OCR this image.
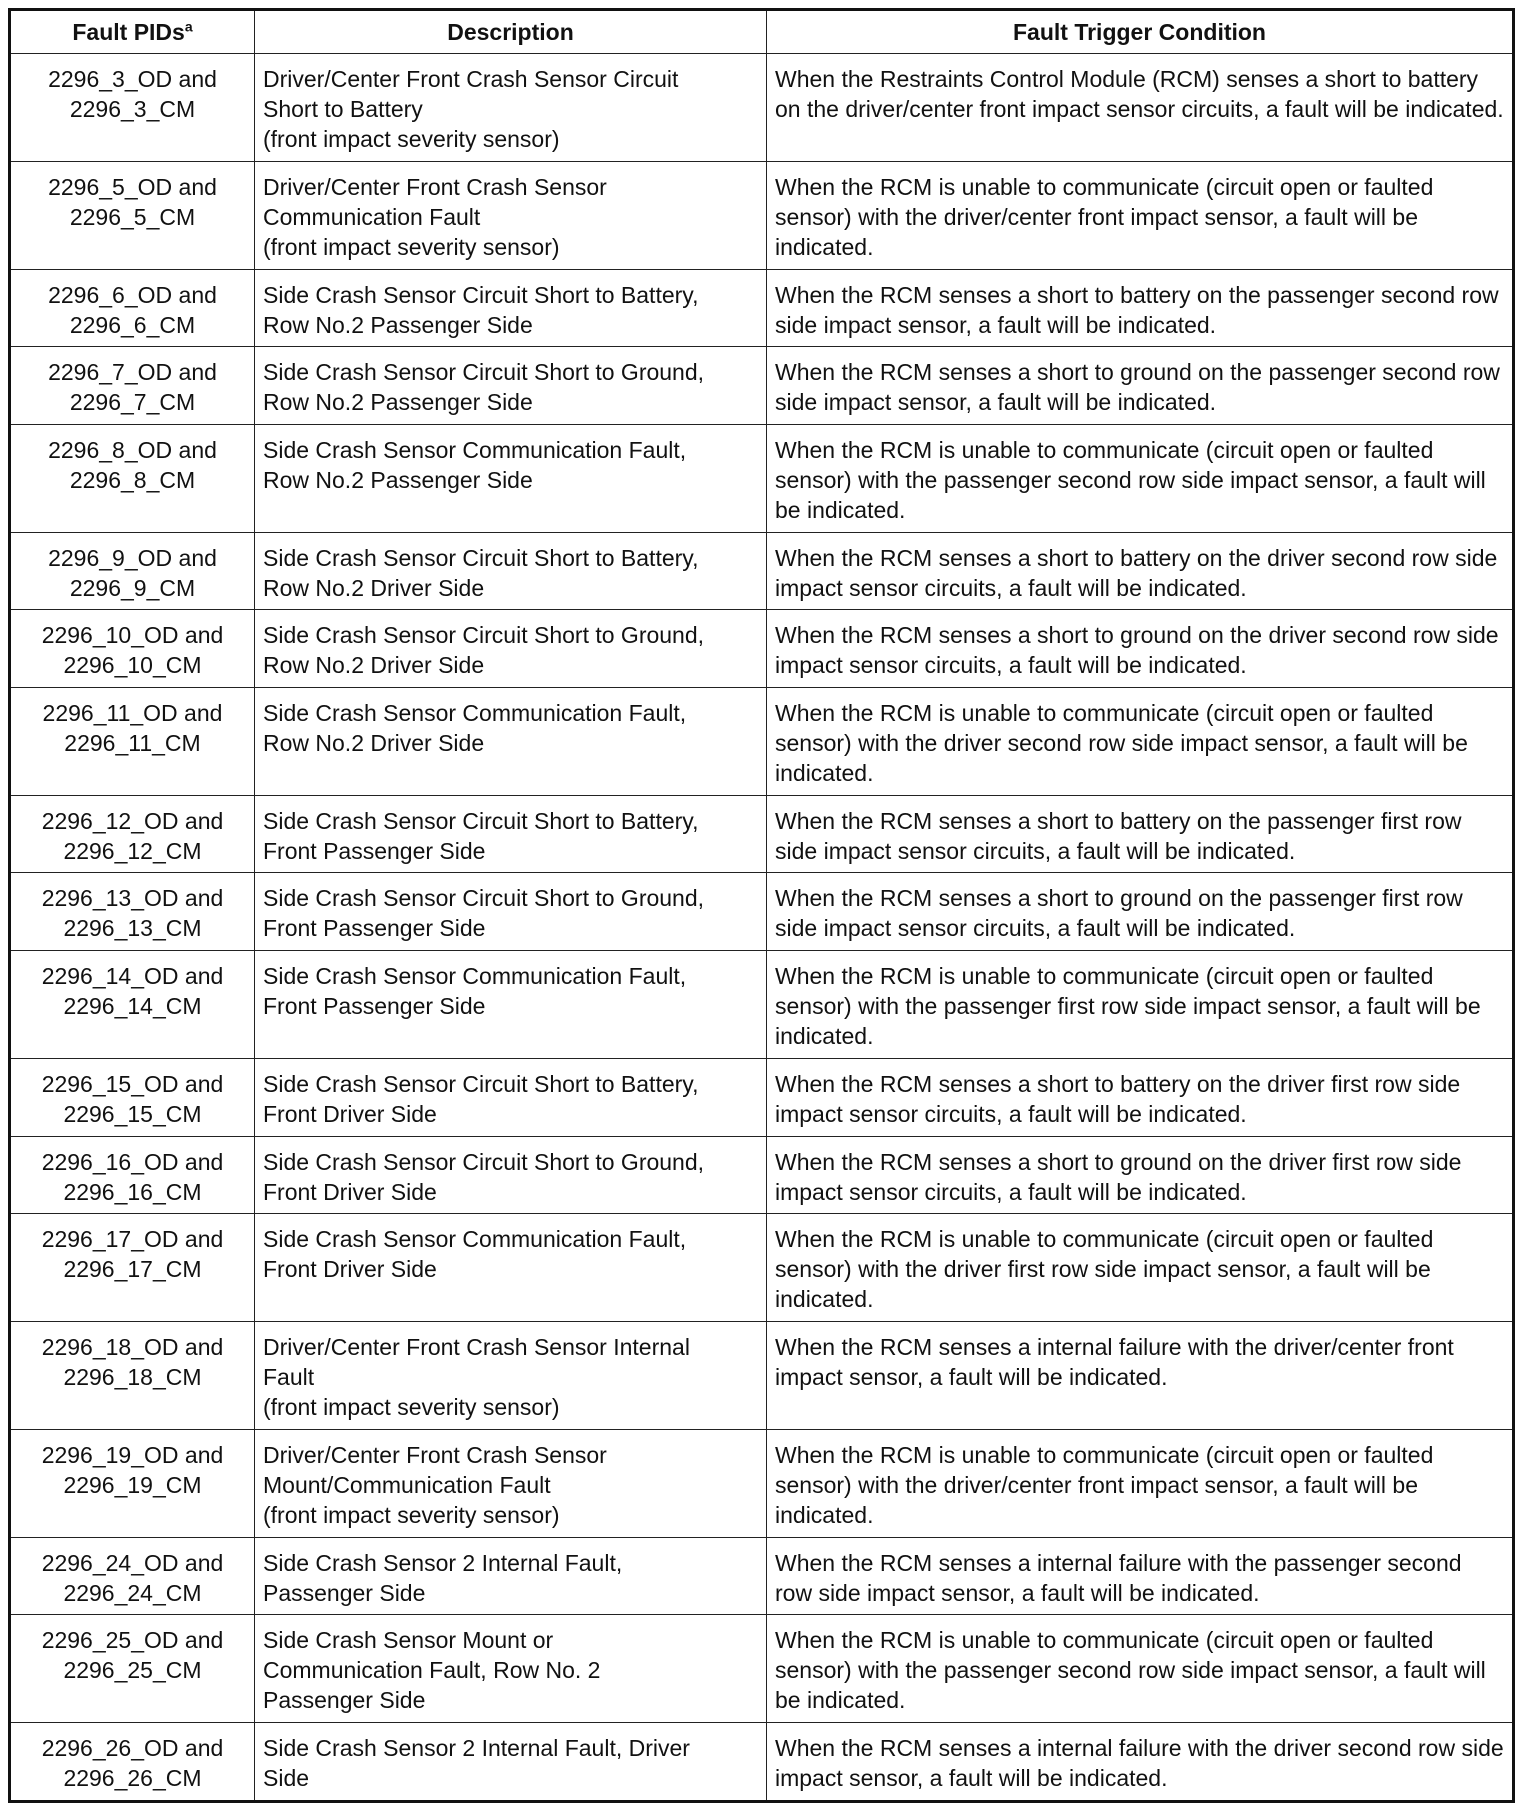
Fault PIDs$^a$	Description	Fault Trigger Condition

2296_3_OD and
2296_3_CM	Driver/Center Front Crash Sensor Circuit
Short to Battery
(front impact severity sensor)	When the Restraints Control Module (RCM) senses a short to battery on the driver/center front impact sensor circuits, a fault will be indicated.

2296_5_OD and
2296_5_CM	Driver/Center Front Crash Sensor
Communication Fault
(front impact severity sensor)	When the RCM is unable to communicate (circuit open or faulted sensor) with the driver/center front impact sensor, a fault will be indicated.

2296_6_OD and
2296_6_CM	Side Crash Sensor Circuit Short to Battery,
Row No.2 Passenger Side	When the RCM senses a short to battery on the passenger second row side impact sensor, a fault will be indicated.

2296_7_OD and
2296_7_CM	Side Crash Sensor Circuit Short to Ground,
Row No.2 Passenger Side	When the RCM senses a short to ground on the passenger second row side impact sensor, a fault will be indicated.

2296_8_OD and
2296_8_CM	Side Crash Sensor Communication Fault,
Row No.2 Passenger Side	When the RCM is unable to communicate (circuit open or faulted sensor) with the passenger second row side impact sensor, a fault will be indicated.

2296_9_OD and
2296_9_CM	Side Crash Sensor Circuit Short to Battery,
Row No.2 Driver Side	When the RCM senses a short to battery on the driver second row side impact sensor circuits, a fault will be indicated.

2296_10_OD and
2296_10_CM	Side Crash Sensor Circuit Short to Ground,
Row No.2 Driver Side	When the RCM senses a short to ground on the driver second row side impact sensor circuits, a fault will be indicated.

2296_11_OD and
2296_11_CM	Side Crash Sensor Communication Fault,
Row No.2 Driver Side	When the RCM is unable to communicate (circuit open or faulted sensor) with the driver second row side impact sensor, a fault will be indicated.

2296_12_OD and
2296_12_CM	Side Crash Sensor Circuit Short to Battery,
Front Passenger Side	When the RCM senses a short to battery on the passenger first row side impact sensor circuits, a fault will be indicated.

2296_13_OD and
2296_13_CM	Side Crash Sensor Circuit Short to Ground,
Front Passenger Side	When the RCM senses a short to ground on the passenger first row side impact sensor circuits, a fault will be indicated.

2296_14_OD and
2296_14_CM	Side Crash Sensor Communication Fault,
Front Passenger Side	When the RCM is unable to communicate (circuit open or faulted sensor) with the passenger first row side impact sensor, a fault will be indicated.

2296_15_OD and
2296_15_CM	Side Crash Sensor Circuit Short to Battery,
Front Driver Side	When the RCM senses a short to battery on the driver first row side impact sensor circuits, a fault will be indicated.

2296_16_OD and
2296_16_CM	Side Crash Sensor Circuit Short to Ground,
Front Driver Side	When the RCM senses a short to ground on the driver first row side impact sensor circuits, a fault will be indicated.

2296_17_OD and
2296_17_CM	Side Crash Sensor Communication Fault,
Front Driver Side	When the RCM is unable to communicate (circuit open or faulted sensor) with the driver first row side impact sensor, a fault will be indicated.

2296_18_OD and
2296_18_CM	Driver/Center Front Crash Sensor Internal
Fault
(front impact severity sensor)	When the RCM senses a internal failure with the driver/center front impact sensor, a fault will be indicated.

2296_19_OD and
2296_19_CM	Driver/Center Front Crash Sensor
Mount/Communication Fault
(front impact severity sensor)	When the RCM is unable to communicate (circuit open or faulted sensor) with the driver/center front impact sensor, a fault will be indicated.

2296_24_OD and
2296_24_CM	Side Crash Sensor 2 Internal Fault,
Passenger Side	When the RCM senses a internal failure with the passenger second row side impact sensor, a fault will be indicated.

2296_25_OD and
2296_25_CM	Side Crash Sensor Mount or
Communication Fault, Row No. 2
Passenger Side	When the RCM is unable to communicate (circuit open or faulted sensor) with the passenger second row side impact sensor, a fault will be indicated.

2296_26_OD and
2296_26_CM	Side Crash Sensor 2 Internal Fault, Driver
Side	When the RCM senses a internal failure with the driver second row side impact sensor, a fault will be indicated.
